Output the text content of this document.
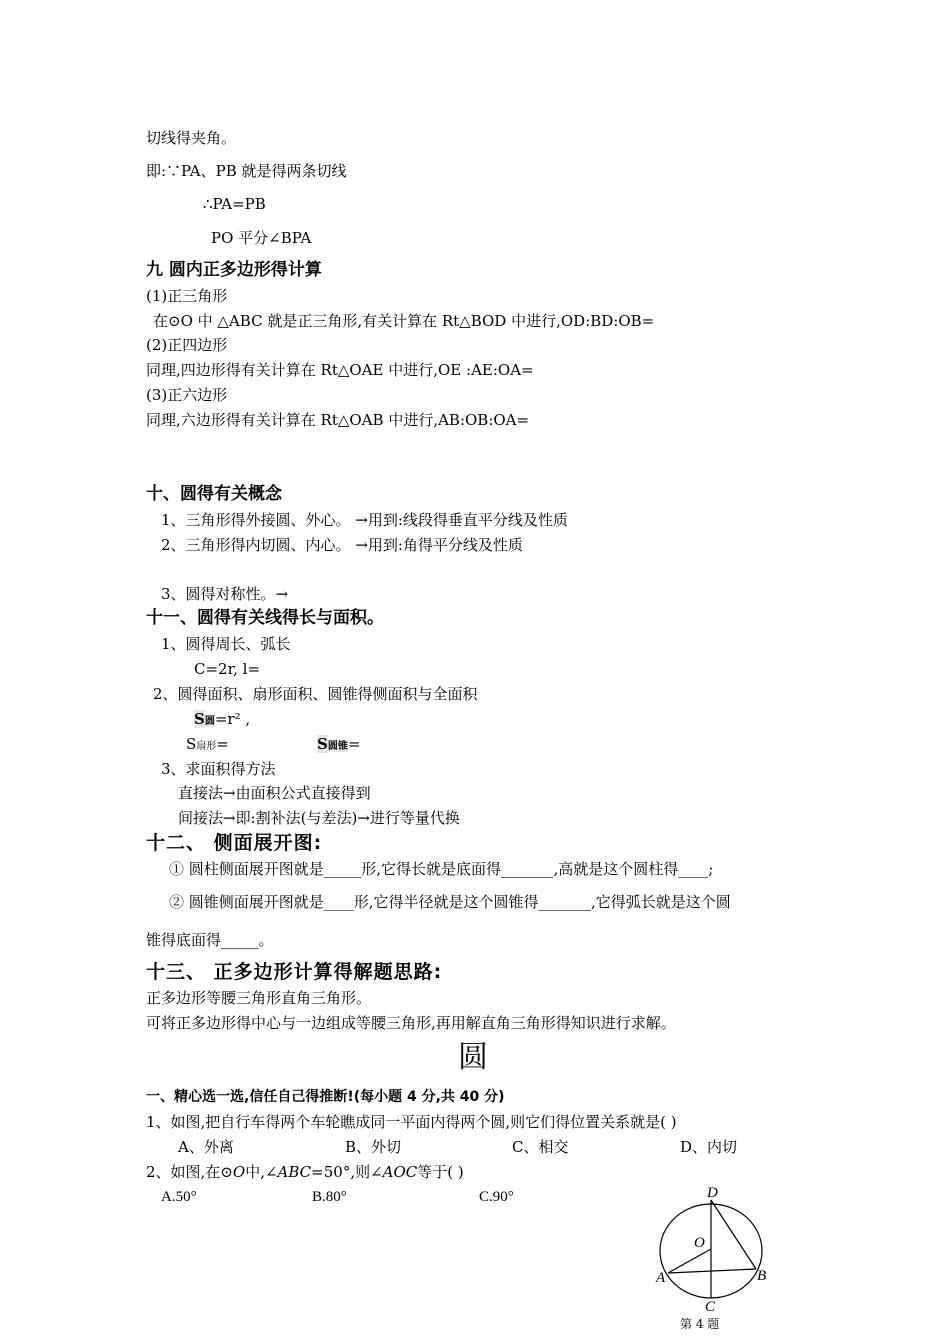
切线得夹角。
即:∵PA、PB 就是得两条切线
∴PA=PB
PO 平分∠BPA
九 圆内正多边形得计算
(1)正三角形
在⊙O 中 △ABC 就是正三角形,有关计算在 Rt△BOD 中进行,OD:BD:OB=
(2)正四边形
同理,四边形得有关计算在 Rt△OAE 中进行,OE :AE:OA=
(3)正六边形
同理,六边形得有关计算在 Rt△OAB 中进行,AB:OB:OA=
十、圆得有关概念
1、三角形得外接圆、外心。 →用到:线段得垂直平分线及性质
2、三角形得内切圆、内心。 →用到:角得平分线及性质
3、圆得对称性。→
十一、圆得有关线得长与面积。
1、圆得周长、弧长
C=2r, l=
2、圆得面积、扇形面积、圆锥得侧面积与全面积
S圆=r² ,
S扇形=	S圆锥=
3、求面积得方法
直接法→由面积公式直接得到
间接法→即:割补法(与差法)→进行等量代换
十二、 侧面展开图:
① 圆柱侧面展开图就是_____形,它得长就是底面得_______,高就是这个圆柱得____;
② 圆锥侧面展开图就是____形,它得半径就是这个圆锥得_______,它得弧长就是这个圆
锥得底面得_____。
十三、 正多边形计算得解题思路:
正多边形等腰三角形直角三角形。
可将正多边形得中心与一边组成等腰三角形,再用解直角三角形得知识进行求解。
圆
一、精心选一选,信任自己得推断!(每小题 4 分,共 40 分)
1、如图,把自行车得两个车轮瞧成同一平面内得两个圆,则它们得位置关系就是( )
A、外离	B、外切	C、相交	D、内切
2、如图,在⊙O中,∠ABC=50°,则∠AOC等于( )
A.50°	B.80°	C.90°	D
O
A	B
C
第 4 题
